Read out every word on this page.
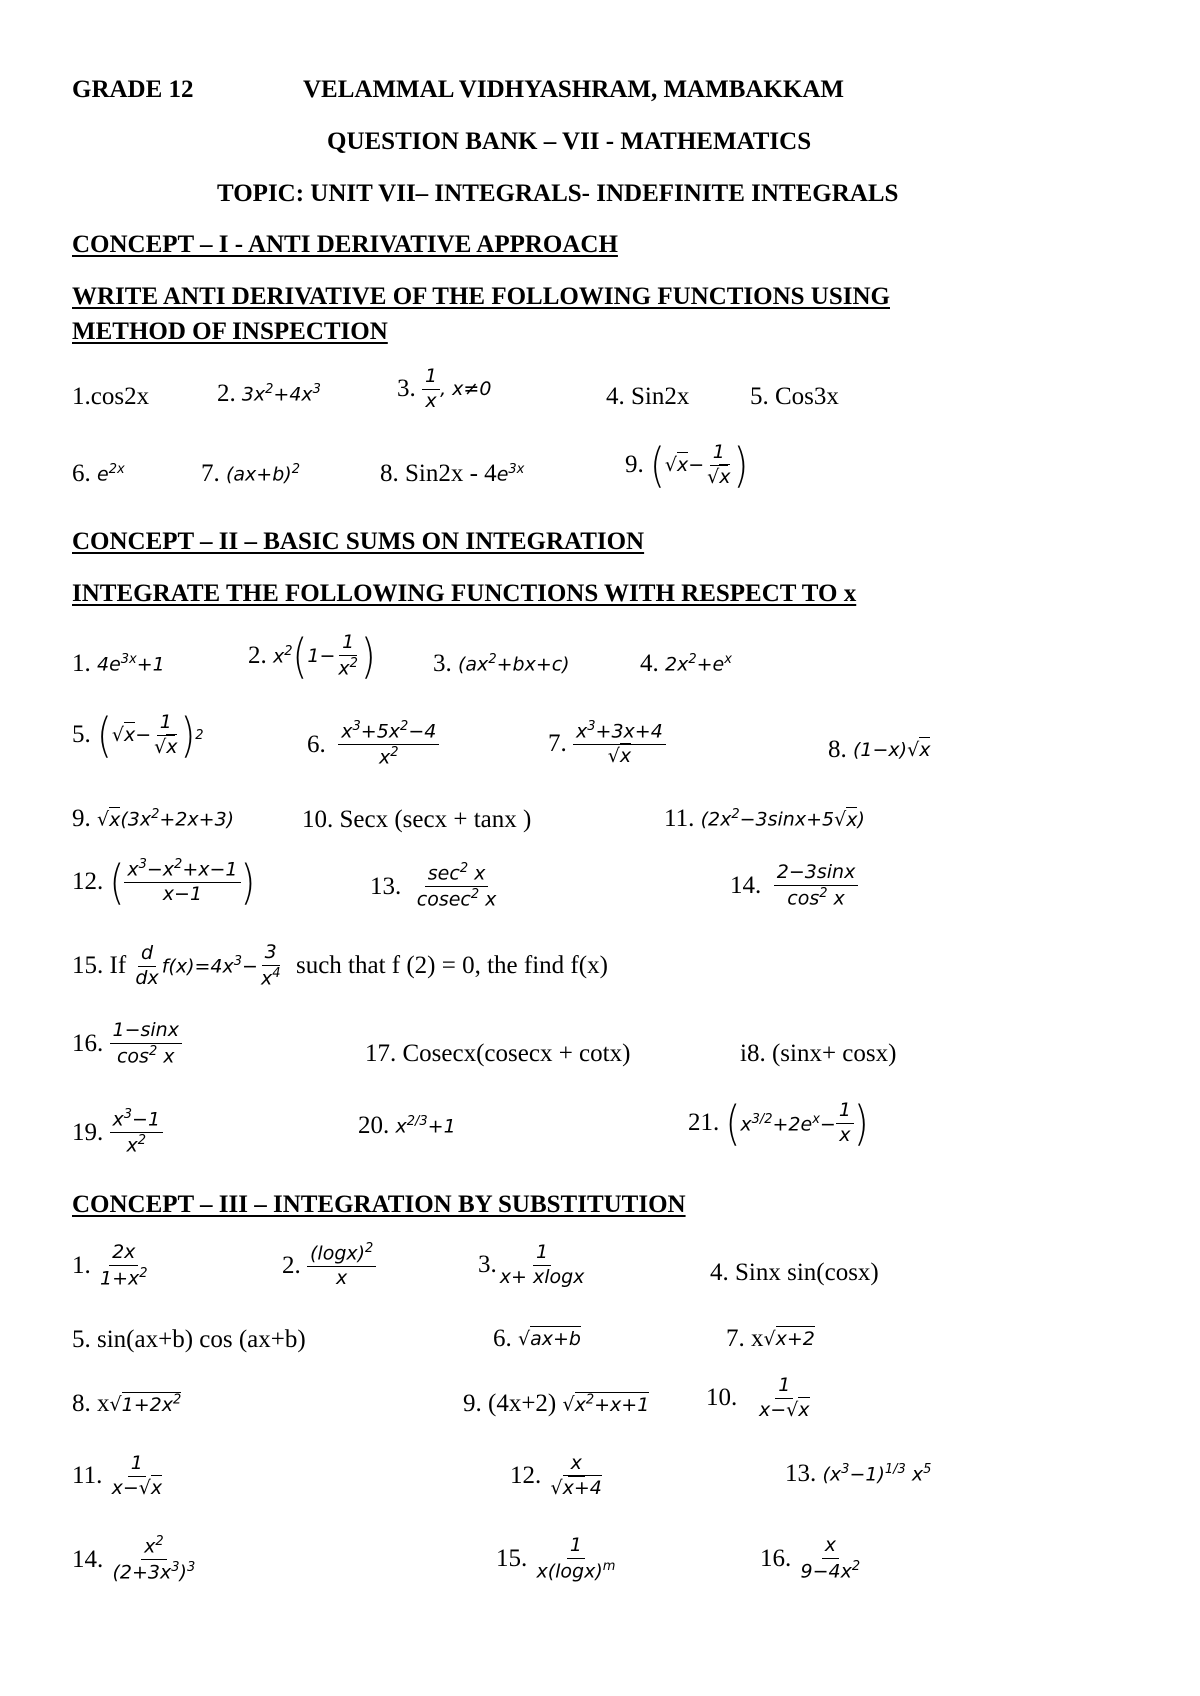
GRADE 12	VELAMMAL VIDHYASHRAM, MAMBAKKAM
QUESTION BANK – VII - MATHEMATICS
TOPIC: UNIT VII– INTEGRALS- INDEFINITE INTEGRALS
CONCEPT – I - ANTI DERIVATIVE APPROACH
WRITE ANTI DERIVATIVE OF THE FOLLOWING FUNCTIONS USING
METHOD OF INSPECTION
1.cos2x	2. $3x^2+4x^3$	3. $\frac{1}{x}$ , x≠0	4. Sin2x 5. Cos3x
6. $e^{2x}$	7. $(ax+b)^2$	8. Sin2x - 4 $e^{3x}$	9. ( $√x- \frac{1}{√x}$ )
CONCEPT – II – BASIC SUMS ON INTEGRATION
INTEGRATE THE FOLLOWING FUNCTIONS WITH RESPECT TO x
1. $4e^{3x}+1$	2. $x^2$ ( $1- \frac{1}{x^2}$ ) 3. $(ax^2+bx+c)$	4. $2x^2+e^x$
5. ( $√x- \frac{1}{√x}$ ) 2	6. $\frac{x^3+5x^2-4}{x^2}$	7. $\frac{x^3+3x+4}{√x}$	8. (1−x)√x
9. $√x(3x^2+2x+3)$	10. Secx (secx + tanx )	11. $(2x^2-3\sin x+5√x)$
12. ( $\frac{x^3-x^2+x-1}{x-1}$ )	13. $\frac{\sec^2 x}{cosec^2 x}$	14. $\frac{2-3\sin x}{\cos^2 x}$
15. If $\frac{d}{dx} f(x)=4x^3- \frac{3}{x^4}$ such that f (2) = 0, the find f(x)
16. $\frac{1-\sin x}{\cos^2 x}$	17. Cosecx(cosecx + cotx)	i8. (sinx+ cosx)
19. $\frac{x^3-1}{x^2}$	20. $x^{2/3}+1$	21. ( $x^{3/2}+2e^x- \frac{1}{x}$ )
CONCEPT – III – INTEGRATION BY SUBSTITUTION
1. $\frac{2x}{1+x^2}$	2. $\frac{(\log x)^2}{x}$	3. $\frac{1}{x+ xlogx}$	4. Sinx sin(cosx)
5. sin(ax+b) cos (ax+b)	6. √ax+b	7. x √x+2
8. x $√1+2x^2$	9. (4x+2) $√x^2+x+1$ 10. $\frac{1}{x-√x}$
11. $\frac{1}{x-√x}$	12. $\frac{x}{√x+4}$	13. $(x^3-1)^{1/3}$ $x^5$
14. $\frac{x^2}{(2+3x^3)^3}$	15. $\frac{1}{x(\log x)^m}$	16. $\frac{x}{9-4x^2}$
